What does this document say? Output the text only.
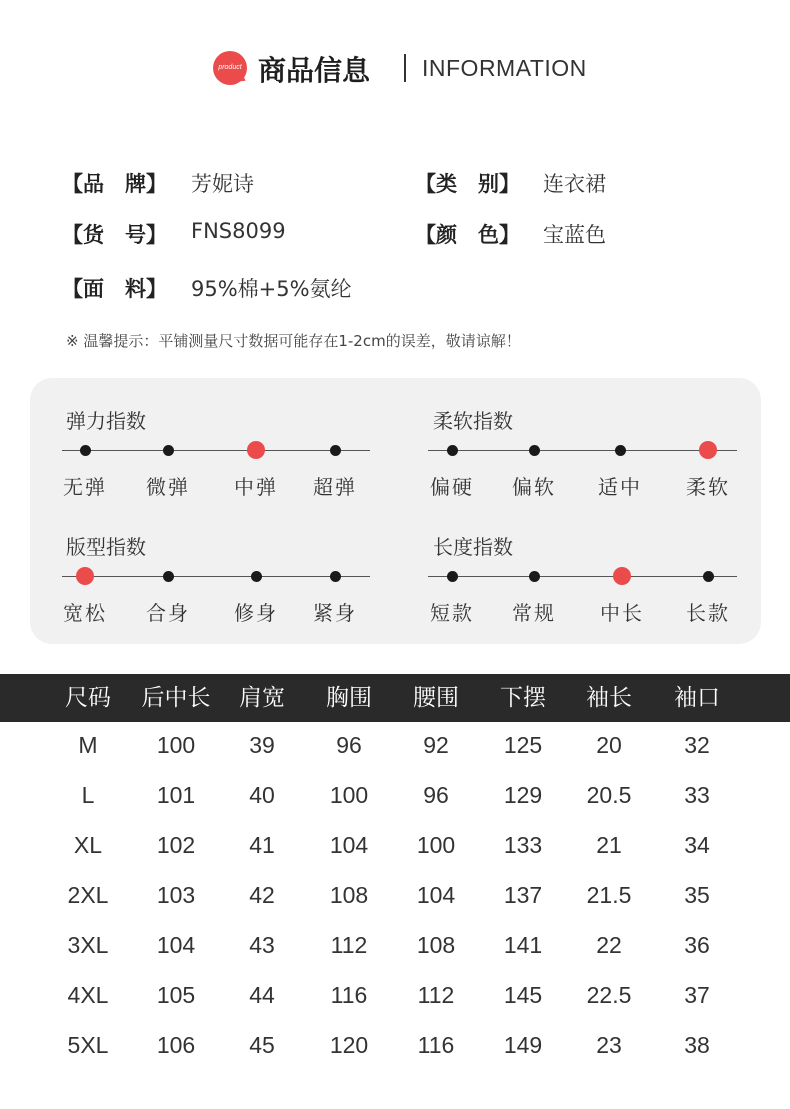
product 商品信息 INFORMATION
【品　牌】 芳妮诗	【类　别】 连衣裙
【货　号】 FNS8099	【颜　色】 宝蓝色
【面　料】 95%棉+5%氨纶
※ 温馨提示：平铺测量尺寸数据可能存在1-2cm的误差，敬请谅解！
弹力指数
无弹	微弹	中弹	超弹
柔软指数
偏硬	偏软	适中	柔软
版型指数
宽松	合身	修身	紧身
长度指数
短款	常规	中长	长款
尺码	后中长	肩宽	胸围	腰围	下摆	袖长	袖口
M	100	39	96	92	125	20	32
L	101	40	100	96	129	20.5	33
XL	102	41	104	100	133	21	34
2XL	103	42	108	104	137	21.5	35
3XL	104	43	112	108	141	22	36
4XL	105	44	116	112	145	22.5	37
5XL	106	45	120	116	149	23	38
